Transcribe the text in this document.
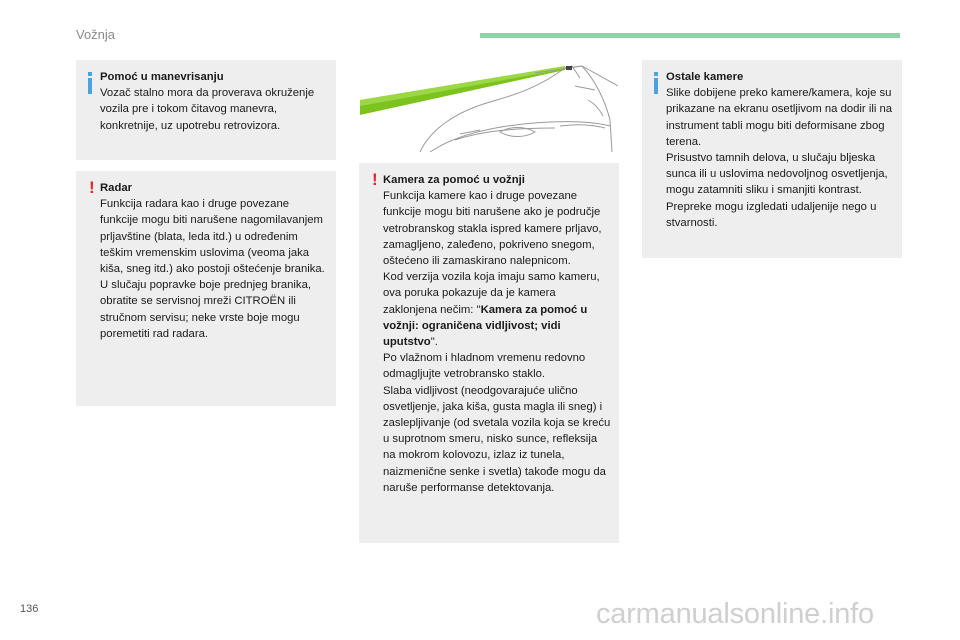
Vožnja
Pomoć u manevrisanju

Vozač stalno mora da proverava okruženje vozila pre i tokom čitavog manevra, konkretnije, uz upotrebu retrovizora.

! Radar

Funkcija radara kao i druge povezane funkcije mogu biti narušene nagomilavanjem prljavštine (blata, leda itd.) u određenim teškim vremenskim uslovima (veoma jaka kiša, sneg itd.) ako postoji oštećenje branika.

U slučaju popravke boje prednjeg branika, obratite se servisnoj mreži CITROËN ili stručnom servisu; neke vrste boje mogu poremetiti rad radara.

! Kamera za pomoć u vožnji

Funkcija kamere kao i druge povezane funkcije mogu biti narušene ako je područje vetrobranskog stakla ispred kamere prljavo, zamagljeno, zaleđeno, pokriveno snegom, oštećeno ili zamaskirano nalepnicom.

Kod verzija vozila koja imaju samo kameru, ova poruka pokazuje da je kamera zaklonjena nečim: "Kamera za pomoć u vožnji: ograničena vidljivost; vidi uputstvo".

Po vlažnom i hladnom vremenu redovno odmagljujte vetrobransko staklo.

Slaba vidljivost (neodgovarajuće ulično osvetljenje, jaka kiša, gusta magla ili sneg) i zaslepljivanje (od svetala vozila koja se kreću u suprotnom smeru, nisko sunce, refleksija na mokrom kolovozu, izlaz iz tunela, naizmenične senke i svetla) takođe mogu da naruše performanse detektovanja.

Ostale kamere

Slike dobijene preko kamere/kamera, koje su prikazane na ekranu osetljivom na dodir ili na instrument tabli mogu biti deformisane zbog terena.

Prisustvo tamnih delova, u slučaju bljeska sunca ili u uslovima nedovoljnog osvetljenja, mogu zatamniti sliku i smanjiti kontrast.

Prepreke mogu izgledati udaljenije nego u stvarnosti.

136	carmanualsonline.info
